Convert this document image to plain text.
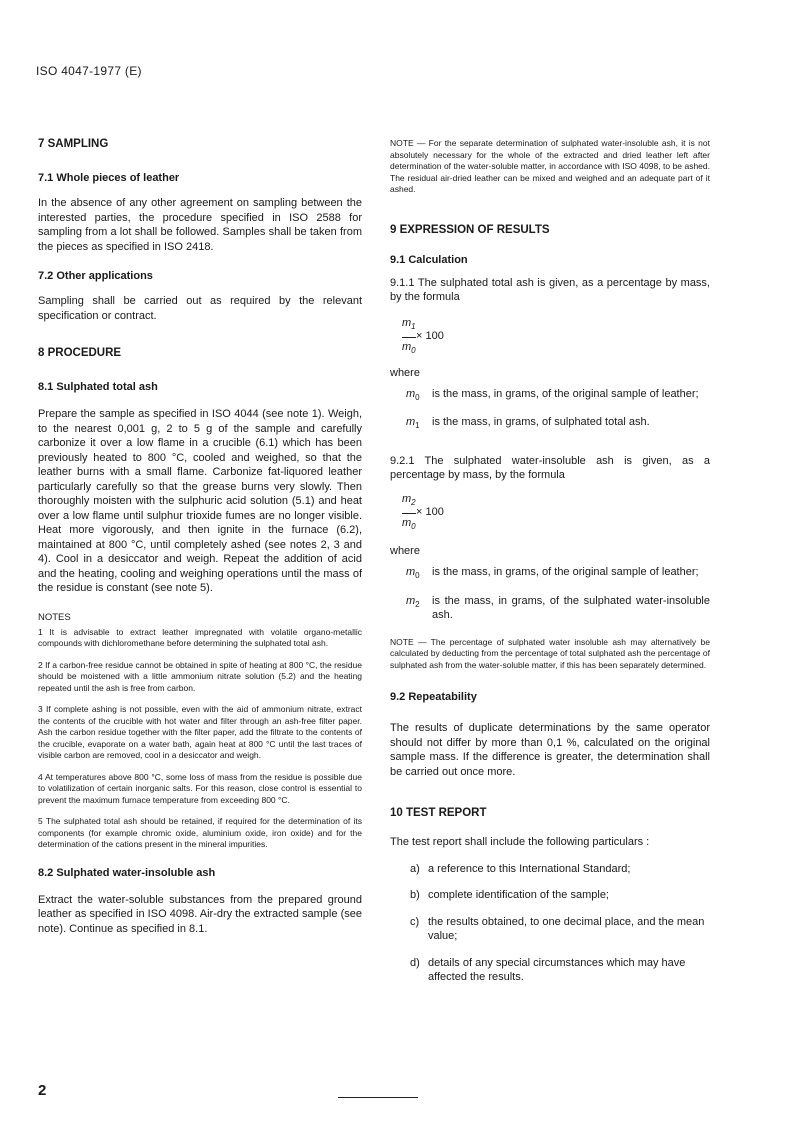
ISO 4047-1977 (E)
7 SAMPLING
7.1 Whole pieces of leather

In the absence of any other agreement on sampling between the interested parties, the procedure specified in ISO 2588 for sampling from a lot shall be followed. Samples shall be taken from the pieces as specified in ISO 2418.

7.2 Other applications

Sampling shall be carried out as required by the relevant specification or contract.

8 PROCEDURE
8.1 Sulphated total ash

Prepare the sample as specified in ISO 4044 (see note 1). Weigh, to the nearest 0,001 g, 2 to 5 g of the sample and carefully carbonize it over a low flame in a crucible (6.1) which has been previously heated to 800 °C, cooled and weighed, so that the leather burns with a small flame. Carbonize fat-liquored leather particularly carefully so that the grease burns very slowly. Then thoroughly moisten with the sulphuric acid solution (5.1) and heat over a low flame until sulphur trioxide fumes are no longer visible. Heat more vigorously, and then ignite in the furnace (6.2), maintained at 800 °C, until completely ashed (see notes 2, 3 and 4). Cool in a desiccator and weigh. Repeat the addition of acid and the heating, cooling and weighing operations until the mass of the residue is constant (see note 5).

NOTES

1 It is advisable to extract leather impregnated with volatile organo-metallic compounds with dichloromethane before determining the sulphated total ash.

2 If a carbon-free residue cannot be obtained in spite of heating at 800 °C, the residue should be moistened with a little ammonium nitrate solution (5.2) and the heating repeated until the ash is free from carbon.

3 If complete ashing is not possible, even with the aid of ammonium nitrate, extract the contents of the crucible with hot water and filter through an ash-free filter paper. Ash the carbon residue together with the filter paper, add the filtrate to the contents of the crucible, evaporate on a water bath, again heat at 800 °C until the last traces of visible carbon are removed, cool in a desiccator and weigh.

4 At temperatures above 800 °C, some loss of mass from the residue is possible due to volatilization of certain inorganic salts. For this reason, close control is essential to prevent the maximum furnace temperature from exceeding 800 °C.

5 The sulphated total ash should be retained, if required for the determination of its components (for example chromic oxide, aluminium oxide, iron oxide) and for the determination of the cations present in the mineral impurities.

8.2 Sulphated water-insoluble ash

Extract the water-soluble substances from the prepared ground leather as specified in ISO 4098. Air-dry the extracted sample (see note). Continue as specified in 8.1.

NOTE — For the separate determination of sulphated water-insoluble ash, it is not absolutely necessary for the whole of the extracted and dried leather left after determination of the water-soluble matter, in accordance with ISO 4098, to be ashed. The residual air-dried leather can be mixed and weighed and an adequate part of it ashed.

9 EXPRESSION OF RESULTS
9.1 Calculation

9.1.1 The sulphated total ash is given, as a percentage by mass, by the formula

$m_1$
× 100
$m_0$
where
$m_0$	is the mass, in grams, of the original sample of leather;
$m_1$	is the mass, in grams, of sulphated total ash.

9.2.1 The sulphated water-insoluble ash is given, as a percentage by mass, by the formula

$m_2$
× 100
$m_0$
where
$m_0$	is the mass, in grams, of the original sample of leather;
$m_2$	is the mass, in grams, of the sulphated water-insoluble ash.

NOTE — The percentage of sulphated water insoluble ash may alternatively be calculated by deducting from the percentage of total sulphated ash the percentage of sulphated ash from the water-soluble matter, if this has been separately determined.

9.2 Repeatability

The results of duplicate determinations by the same operator should not differ by more than 0,1 %, calculated on the original sample mass. If the difference is greater, the determination shall be carried out once more.

10 TEST REPORT

The test report shall include the following particulars :

a) a reference to this International Standard;
b) complete identification of the sample;
c) the results obtained, to one decimal place, and the mean value;
d) details of any special circumstances which may have affected the results.
2
